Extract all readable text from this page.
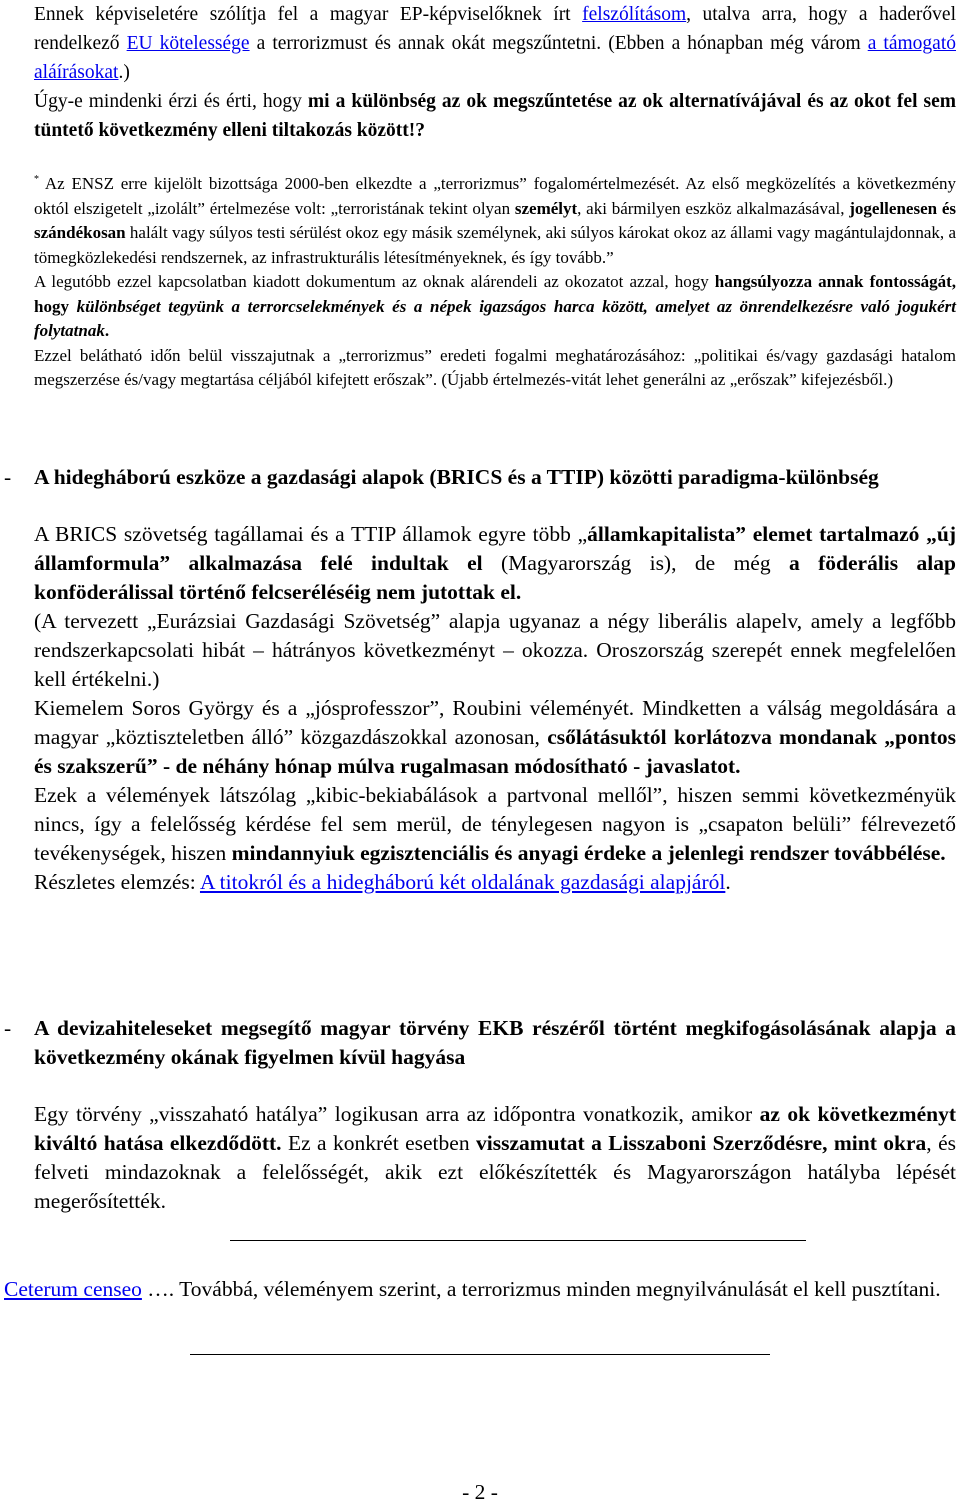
Ennek képviseletére szólítja fel a magyar EP-képviselőknek írt felszólításom, utalva arra, hogy a haderővel rendelkező EU kötelessége a terrorizmust és annak okát megszűntetni. (Ebben a hónapban még várom a támogató aláírásokat.)

Úgy-e mindenki érzi és érti, hogy mi a különbség az ok megszűntetése az ok alternatívájával és az okot fel sem tüntető következmény elleni tiltakozás között!?

* Az ENSZ erre kijelölt bizottsága 2000-ben elkezdte a „terrorizmus” fogalomértelmezését. Az első megközelítés a következmény októl elszigetelt „izolált” értelmezése volt: „terroristának tekint olyan személyt, aki bármilyen eszköz alkalmazásával, jogellenesen és szándékosan halált vagy súlyos testi sérülést okoz egy másik személynek, aki súlyos károkat okoz az állami vagy magántulajdonnak, a tömegközlekedési rendszernek, az infrastrukturális létesítményeknek, és így tovább.”

A legutóbb ezzel kapcsolatban kiadott dokumentum az oknak alárendeli az okozatot azzal, hogy hangsúlyozza annak fontosságát, hogy különbséget tegyünk a terrorcselekmények és a népek igazságos harca között, amelyet az önrendelkezésre való jogukért folytatnak.

Ezzel belátható időn belül visszajutnak a „terrorizmus” eredeti fogalmi meghatározásához: „politikai és/vagy gazdasági hatalom megszerzése és/vagy megtartása céljából kifejtett erőszak”. (Újabb értelmezés-vitát lehet generálni az „erőszak” kifejezésből.)

- A hidegháború eszköze a gazdasági alapok (BRICS és a TTIP) közötti paradigma-különbség

A BRICS szövetség tagállamai és a TTIP államok egyre több „államkapitalista” elemet tartalmazó „új államformula” alkalmazása felé indultak el (Magyarország is), de még a föderális alap konföderálissal történő felcseréléséig nem jutottak el.

(A tervezett „Eurázsiai Gazdasági Szövetség” alapja ugyanaz a négy liberális alapelv, amely a legfőbb rendszerkapcsolati hibát – hátrányos következményt – okozza. Oroszország szerepét ennek megfelelően kell értékelni.)

Kiemelem Soros György és a „jósprofesszor”, Roubini véleményét. Mindketten a válság megoldására a magyar „köztiszteletben álló” közgazdászokkal azonosan, csőlátásuktól korlátozva mondanak „pontos és szakszerű” - de néhány hónap múlva rugalmasan módosítható - javaslatot.

Ezek a vélemények látszólag „kibic-bekiabálások a partvonal mellől”, hiszen semmi következményük nincs, így a felelősség kérdése fel sem merül, de ténylegesen nagyon is „csapaton belüli” félrevezető tevékenységek, hiszen mindannyiuk egzisztenciális és anyagi érdeke a jelenlegi rendszer továbbélése.

Részletes elemzés: A titokról és a hidegháború két oldalának gazdasági alapjáról.

- A devizahiteleseket megsegítő magyar törvény EKB részéről történt megkifogásolásának alapja a következmény okának figyelmen kívül hagyása

Egy törvény „visszaható hatálya” logikusan arra az időpontra vonatkozik, amikor az ok következményt kiváltó hatása elkezdődött. Ez a konkrét esetben visszamutat a Lisszaboni Szerződésre, mint okra, és felveti mindazoknak a felelősségét, akik ezt előkészítették és Magyarországon hatályba lépését megerősítették.

Ceterum censeo …. Továbbá, véleményem szerint, a terrorizmus minden megnyilvánulását el kell pusztítani.
- 2 -
